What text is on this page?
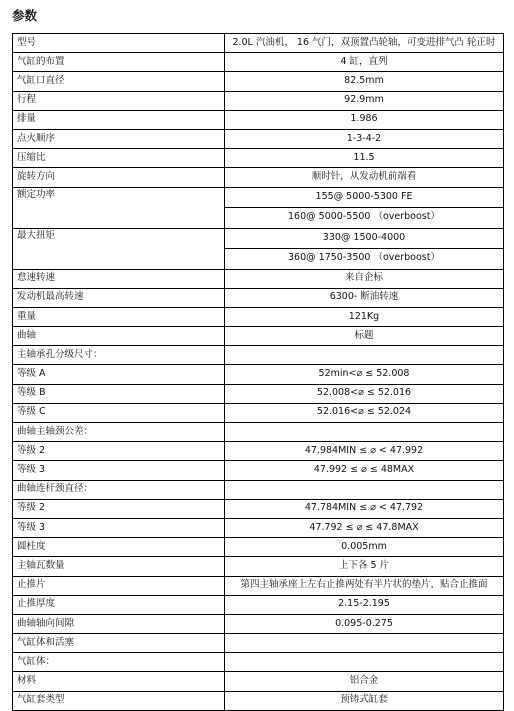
参数
型号	2.0L 汽油机， 16 气门，双顶置凸轮轴，可变进排气凸 轮正时
气缸的布置	4 缸，直列
气缸口直径	82.5mm
行程	92.9mm
排量	1.986
点火顺序	1-3-4-2
压缩比	11.5
旋转方向	顺时针，从发动机前端看
额定功率	155@ 5000-5300 FE
	160@ 5000-5500 （overboost）
最大扭矩	330@ 1500-4000
	360@ 1750-3500 （overboost）
怠速转速	来自企标
发动机最高转速	6300- 断油转速
重量	121Kg
曲轴	标题
主轴承孔分级尺寸：	
等级 A	52min<⌀ ≤ 52.008
等级 B	52.008<⌀ ≤ 52.016
等级 C	52.016<⌀ ≤ 52.024
曲轴主轴颈公差：	
等级 2	47.984MIN ≤ ⌀ < 47.992
等级 3	47.992 ≤ ⌀ ≤ 48MAX
曲轴连杆颈直径：	
等级 2	47.784MIN ≤ ⌀ < 47.792
等级 3	47.792 ≤ ⌀ ≤ 47.8MAX
圆柱度	0.005mm
主轴瓦数量	上下各 5 片
止推片	第四主轴承座上左右止推两处有半片状的垫片，贴合止推面
止推厚度	2.15-2.195
曲轴轴向间隙	0.095-0.275
气缸体和活塞	
气缸体：	
材料	铝合金
气缸套类型	预铸式缸套
